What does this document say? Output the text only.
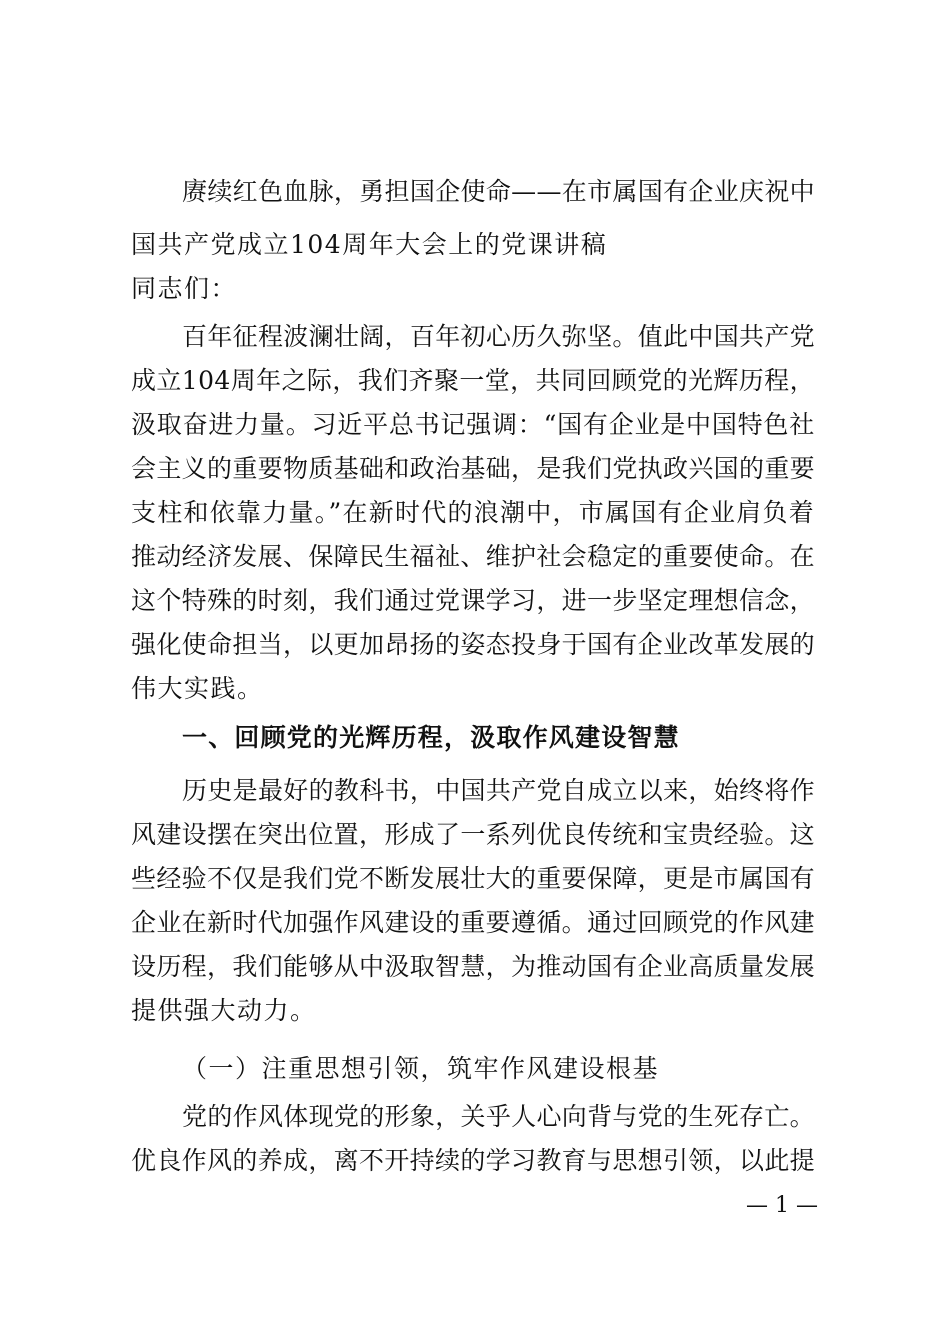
赓续红色血脉，勇担国企使命——在市属国有企业庆祝中

国共产党成立104周年大会上的党课讲稿

同志们：

百年征程波澜壮阔，百年初心历久弥坚。值此中国共产党
成立104周年之际，我们齐聚一堂，共同回顾党的光辉历程，
汲取奋进力量。习近平总书记强调：“国有企业是中国特色社
会主义的重要物质基础和政治基础，是我们党执政兴国的重要
支柱和依靠力量。”在新时代的浪潮中，市属国有企业肩负着
推动经济发展、保障民生福祉、维护社会稳定的重要使命。在
这个特殊的时刻，我们通过党课学习，进一步坚定理想信念，
强化使命担当，以更加昂扬的姿态投身于国有企业改革发展的
伟大实践。

一、回顾党的光辉历程，汲取作风建设智慧

历史是最好的教科书，中国共产党自成立以来，始终将作
风建设摆在突出位置，形成了一系列优良传统和宝贵经验。这
些经验不仅是我们党不断发展壮大的重要保障，更是市属国有
企业在新时代加强作风建设的重要遵循。通过回顾党的作风建
设历程，我们能够从中汲取智慧，为推动国有企业高质量发展
提供强大动力。

（一）注重思想引领，筑牢作风建设根基

党的作风体现党的形象，关乎人心向背与党的生死存亡。
优良作风的养成，离不开持续的学习教育与思想引领，以此提
— 1 —
